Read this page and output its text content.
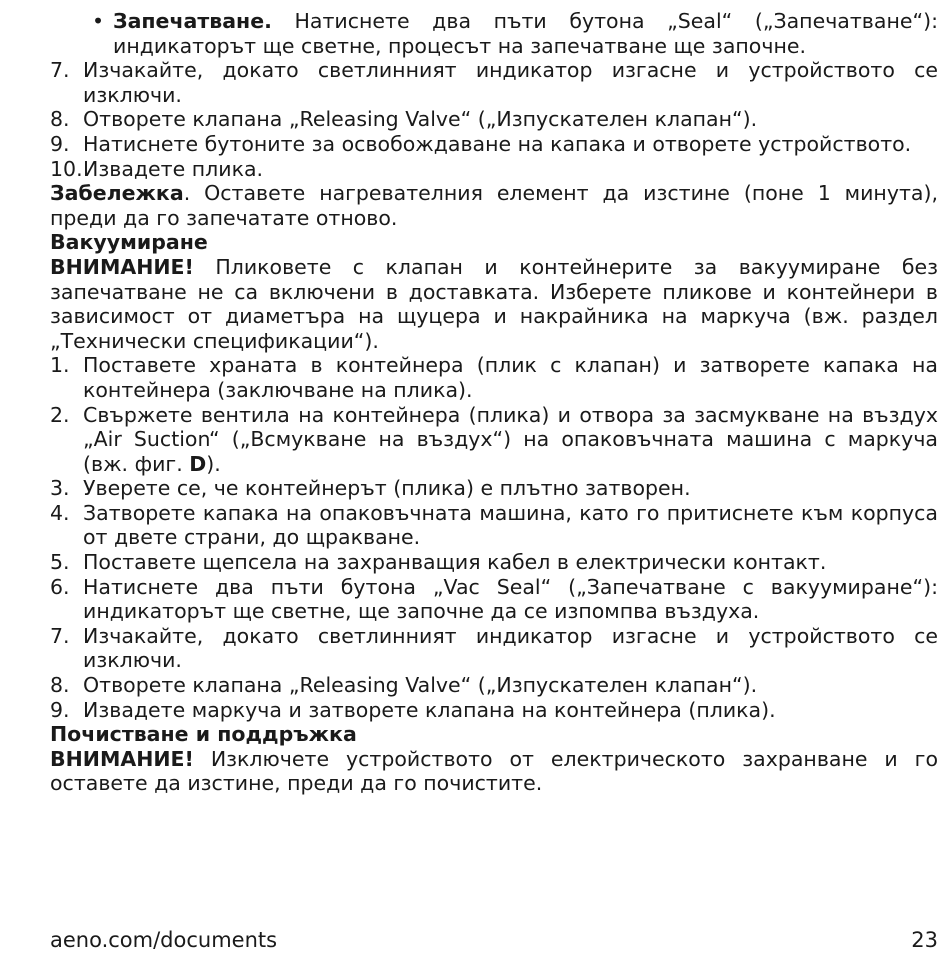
• Запечатване. Натиснете два пъти бутона „Seal“ („Запечатване“): индикаторът ще светне, процесът на запечатване ще започне.
7. Изчакайте, докато светлинният индикатор изгасне и устройството се изключи.
8. Отворете клапана „Releasing Valve“ („Изпускателен клапан“).
9. Натиснете бутоните за освобождаване на капака и отворете устройството.
10. Извадете плика.

Забележка. Оставете нагревателния елемент да изстине (поне 1 минута), преди да го запечатате отново.

Вакуумиране

ВНИМАНИЕ! Пликовете с клапан и контейнерите за вакуумиране без запечатване не са включени в доставката. Изберете пликове и контейнери в зависимост от диаметъра на щуцера и накрайника на маркуча (вж. раздел „Технически спецификации“).

1. Поставете храната в контейнера (плик с клапан) и затворете капака на контейнера (заключване на плика).
2. Свържете вентила на контейнера (плика) и отвора за засмукване на въздух „Air Suction“ („Всмукване на въздух“) на опаковъчната машина с маркуча (вж. фиг. D).
3. Уверете се, че контейнерът (плика) е плътно затворен.
4. Затворете капака на опаковъчната машина, като го притиснете към корпуса от двете страни, до щракване.
5. Поставете щепсела на захранващия кабел в електрически контакт.
6. Натиснете два пъти бутона „Vac Seal“ („Запечатване с вакуумиране“): индикаторът ще светне, ще започне да се изпомпва въздуха.
7. Изчакайте, докато светлинният индикатор изгасне и устройството се изключи.
8. Отворете клапана „Releasing Valve“ („Изпускателен клапан“).
9. Извадете маркуча и затворете клапана на контейнера (плика).
Почистване и поддръжка

ВНИМАНИЕ! Изключете устройството от електрическото захранване и го оставете да изстине, преди да го почистите.

aeno.com/documents	23
